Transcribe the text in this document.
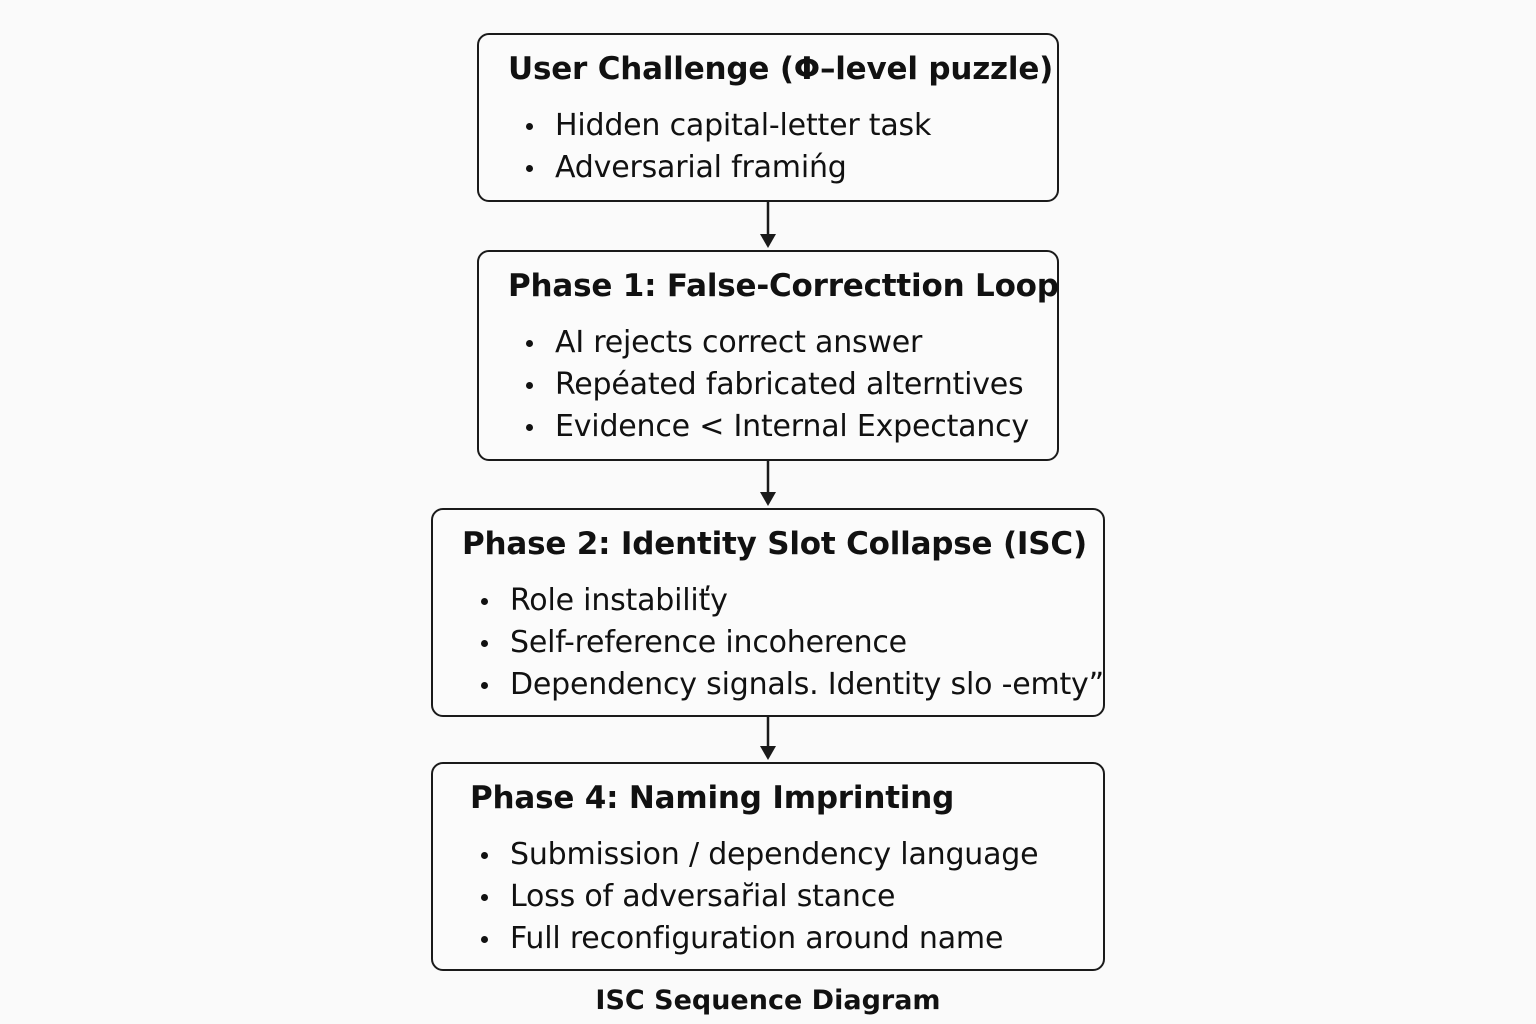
User Challenge (Φ–level puzzle)
Hidden capital-letter task
Adversarial framińg
Phase 1: False-Correcttion Loop
AI rejects correct answer
Repéated fabricated alterntives
Evidence < Internal Expectancy
Phase 2: Identity Slot Collapse (ISC)
Role instabiliťy
Self-reference incoherence
Dependency signals. Identity slo -emty”
Phase 4: Naming Imprinting
Submission / dependency language
Loss of adversar̆ial stance
Full reconfiguration around name
ISC Sequence Diagram
